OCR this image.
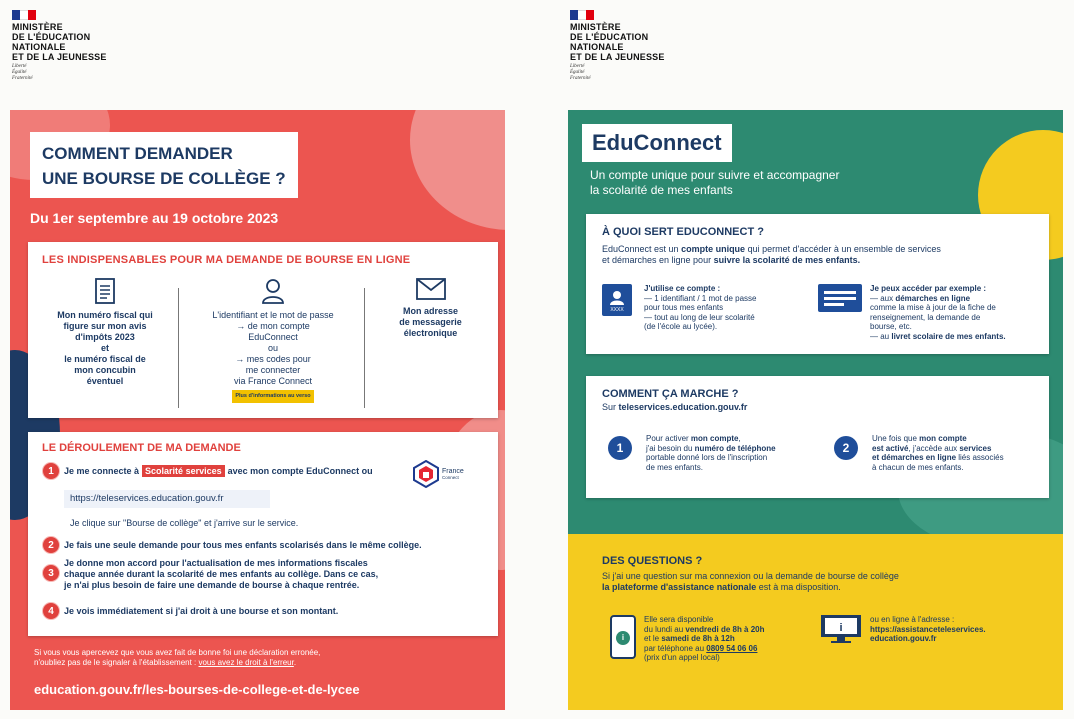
MINISTÈRE
DE L'ÉDUCATION
NATIONALE
ET DE LA JEUNESSE
Liberté
Égalité
Fraternité
COMMENT DEMANDER
UNE BOURSE DE COLLÈGE ?
Du 1er septembre au 19 octobre 2023
LES INDISPENSABLES POUR MA DEMANDE DE BOURSE EN LIGNE
Mon numéro fiscal qui
figure sur mon avis
d'impôts 2023
et
le numéro fiscal de
mon concubin
éventuel
L'identifiant et le mot de passe
→ de mon compte
EduConnect
ou
→ mes codes pour
me connecter
via France Connect
Plus d'informations au verso
Mon adresse
de messagerie
électronique
LE DÉROULEMENT DE MA DEMANDE
1	Je me connecte à Scolarité services avec mon compte EduConnect ou	France
Connect
https://teleservices.education.gouv.fr
Je clique sur "Bourse de collège" et j'arrive sur le service.
2	Je fais une seule demande pour tous mes enfants scolarisés dans le même collège.
3
Je donne mon accord pour l'actualisation de mes informations fiscales
chaque année durant la scolarité de mes enfants au collège. Dans ce cas,
je n'ai plus besoin de faire une demande de bourse à chaque rentrée.
4	Je vois immédiatement si j'ai droit à une bourse et son montant.
Si vous vous apercevez que vous avez fait de bonne foi une déclaration erronée,
n'oubliez pas de le signaler à l'établissement : vous avez le droit à l'erreur.
education.gouv.fr/les-bourses-de-college-et-de-lycee
MINISTÈRE
DE L'ÉDUCATION
NATIONALE
ET DE LA JEUNESSE
Liberté
Égalité
Fraternité
EduConnect
Un compte unique pour suivre et accompagner
la scolarité de mes enfants
À QUOI SERT EDUCONNECT ?
EduConnect est un compte unique qui permet d'accéder à un ensemble de services
et démarches en ligne pour suivre la scolarité de mes enfants.
XXXX
J'utilise ce compte :
— 1 identifiant / 1 mot de passe
pour tous mes enfants
— tout au long de leur scolarité
(de l'école au lycée).
Je peux accéder par exemple :
— aux démarches en ligne
comme la mise à jour de la fiche de
renseignement, la demande de
bourse, etc.
— au livret scolaire de mes enfants.
COMMENT ÇA MARCHE ?
Sur teleservices.education.gouv.fr
1
Pour activer mon compte,
j'ai besoin du numéro de téléphone
portable donné lors de l'inscription
de mes enfants.
2
Une fois que mon compte
est activé, j'accède aux services
et démarches en ligne liés associés
à chacun de mes enfants.
DES QUESTIONS ?
Si j'ai une question sur ma connexion ou la demande de bourse de collège
la plateforme d'assistance nationale est à ma disposition.
i
Elle sera disponible
du lundi au vendredi de 8h à 20h
et le samedi de 8h à 12h
par téléphone au 0809 54 06 06
(prix d'un appel local)
i
ou en ligne à l'adresse :
https://assistanceteleservices.
education.gouv.fr
